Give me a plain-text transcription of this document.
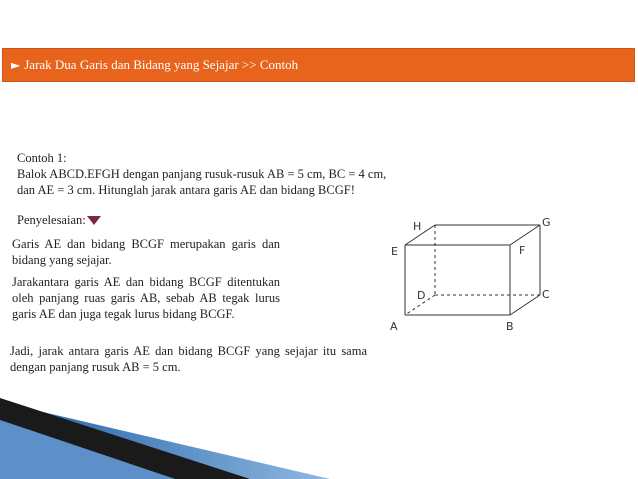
► Jarak Dua Garis dan Bidang yang Sejajar >> Contoh

Contoh 1:

Balok ABCD.EFGH dengan panjang rusuk-rusuk AB = 5 cm, BC = 4 cm,

dan AE = 3 cm. Hitunglah jarak antara garis AE dan bidang BCGF!

Penyelesaian:

Garis AE dan bidang BCGF merupakan garis dan bidang yang sejajar.

Jarakantara garis AE dan bidang BCGF ditentukan oleh panjang ruas garis AB, sebab AB tegak lurus garis AE dan juga tegak lurus bidang BCGF.

Jadi, jarak antara garis AE dan bidang BCGF yang sejajar itu sama dengan panjang rusuk AB = 5 cm.

A	B
C
D
E	F
G
H
